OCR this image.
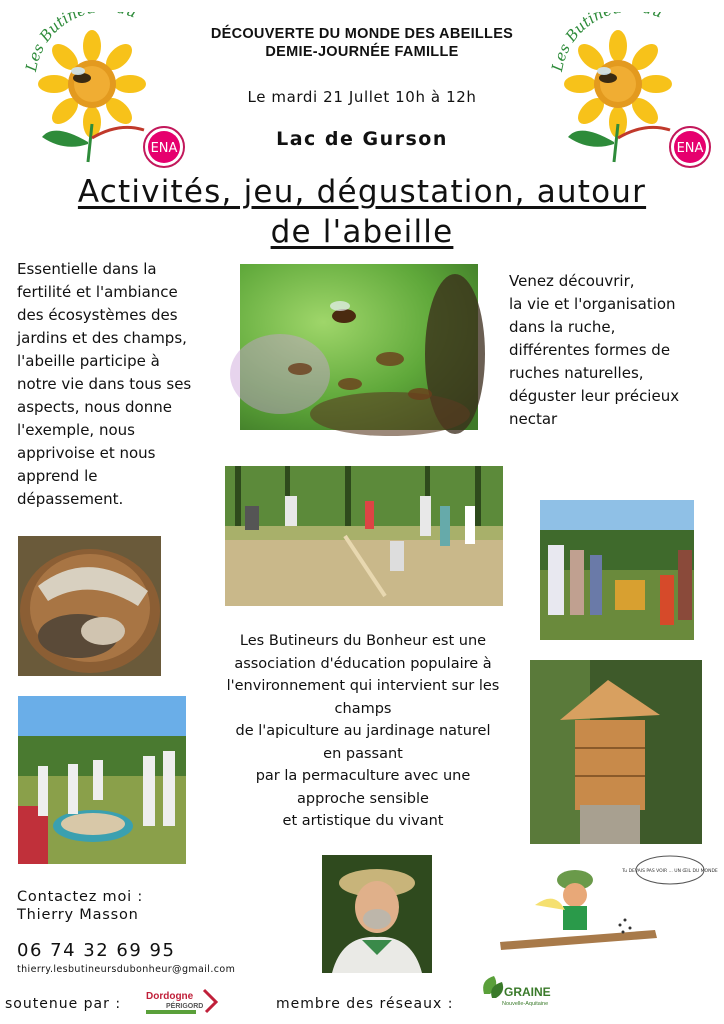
Les Butin
ENA
Les Butin
ENA
DÉCOUVERTE DU MONDE DES ABEILLES
DEMIE-JOURNÉE FAMILLE
Le mardi 21 Jullet 10h à 12h
Lac de Gurson
Activités, jeu, dégustation, autour
de l'abeille
Essentielle dans la
fertilité et l'ambiance
des écosystèmes des
jardins et des champs,
l'abeille participe à
notre vie dans tous ses
aspects, nous donne
l'exemple, nous
apprivoise et nous
apprend le
dépassement.
Venez découvrir,
la vie et l'organisation
dans la ruche,
différentes formes de
ruches naturelles,
déguster leur précieux
nectar
Les Butineurs du Bonheur est une
association d'éducation populaire à
l'environnement qui intervient sur les
champs
de l'apiculture au jardinage naturel
en passant
par la permaculture avec une
approche sensible
et artistique du vivant
Contactez moi :
Thierry Masson
06 74 32 69 95
thierry.lesbutineursdubonheur@gmail.com
Tu DEVAIS PAS VOIR ... UN ŒIL DU MONDE
soutenue par : Dordogne
PÉRIGORD	membre des réseaux :
GRAINE
Nouvelle-Aquitaine
